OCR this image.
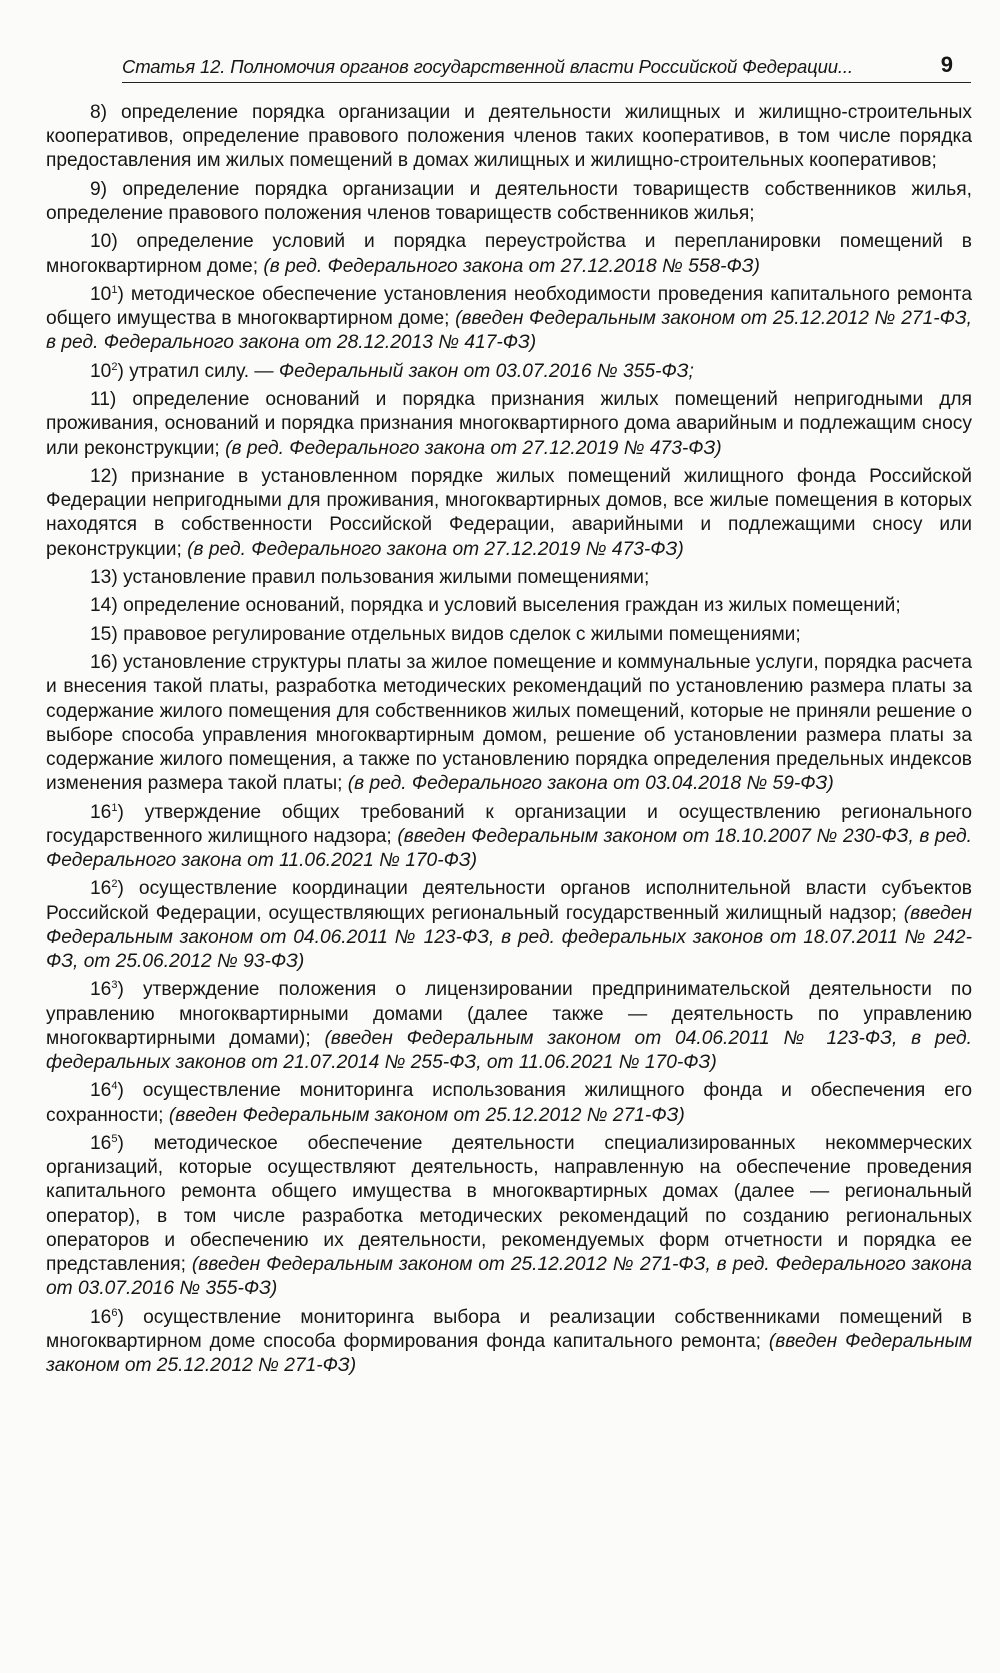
Статья 12. Полномочия органов государственной власти Российской Федерации...	9

8) определение порядка организации и деятельности жилищных и жилищно-строительных кооперативов, определение правового положения членов таких кооперативов, в том числе порядка предоставления им жилых помещений в домах жилищных и жилищно-строительных кооперативов;

9) определение порядка организации и деятельности товариществ собственников жилья, определение правового положения членов товариществ собственников жилья;

10) определение условий и порядка переустройства и перепланировки помещений в многоквартирном доме; (в ред. Федерального закона от 27.12.2018 № 558-ФЗ)

$10^1$) методическое обеспечение установления необходимости проведения капитального ремонта общего имущества в многоквартирном доме; (введен Федеральным законом от 25.12.2012 № 271-ФЗ, в ред. Федерального закона от 28.12.2013 № 417-ФЗ)

$10^2$) утратил силу. — Федеральный закон от 03.07.2016 № 355-ФЗ;

11) определение оснований и порядка признания жилых помещений непригодными для проживания, оснований и порядка признания многоквартирного дома аварийным и подлежащим сносу или реконструкции; (в ред. Федерального закона от 27.12.2019 № 473-ФЗ)

12) признание в установленном порядке жилых помещений жилищного фонда Российской Федерации непригодными для проживания, многоквартирных домов, все жилые помещения в которых находятся в собственности Российской Федерации, аварийными и подлежащими сносу или реконструкции; (в ред. Федерального закона от 27.12.2019 № 473-ФЗ)

13) установление правил пользования жилыми помещениями;

14) определение оснований, порядка и условий выселения граждан из жилых помещений;

15) правовое регулирование отдельных видов сделок с жилыми помещениями;

16) установление структуры платы за жилое помещение и коммунальные услуги, порядка расчета и внесения такой платы, разработка методических рекомендаций по установлению размера платы за содержание жилого помещения для собственников жилых помещений, которые не приняли решение о выборе способа управления многоквартирным домом, решение об установлении размера платы за содержание жилого помещения, а также по установлению порядка определения предельных индексов изменения размера такой платы; (в ред. Федерального закона от 03.04.2018 № 59-ФЗ)

$16^1$) утверждение общих требований к организации и осуществлению регионального государственного жилищного надзора; (введен Федеральным законом от 18.10.2007 № 230-ФЗ, в ред. Федерального закона от 11.06.2021 № 170-ФЗ)

$16^2$) осуществление координации деятельности органов исполнительной власти субъектов Российской Федерации, осуществляющих региональный государственный жилищный надзор; (введен Федеральным законом от 04.06.2011 № 123-ФЗ, в ред. федеральных законов от 18.07.2011 № 242-ФЗ, от 25.06.2012 № 93-ФЗ)

$16^3$) утверждение положения о лицензировании предпринимательской деятельности по управлению многоквартирными домами (далее также — деятельность по управлению многоквартирными домами); (введен Федеральным законом от 04.06.2011 № 123-ФЗ, в ред. федеральных законов от 21.07.2014 № 255-ФЗ, от 11.06.2021 № 170-ФЗ)

$16^4$) осуществление мониторинга использования жилищного фонда и обеспечения его сохранности; (введен Федеральным законом от 25.12.2012 № 271-ФЗ)

$16^5$) методическое обеспечение деятельности специализированных некоммерческих организаций, которые осуществляют деятельность, направленную на обеспечение проведения капитального ремонта общего имущества в многоквартирных домах (далее — региональный оператор), в том числе разработка методических рекомендаций по созданию региональных операторов и обеспечению их деятельности, рекомендуемых форм отчетности и порядка ее представления; (введен Федеральным законом от 25.12.2012 № 271-ФЗ, в ред. Федерального закона от 03.07.2016 № 355-ФЗ)

$16^6$) осуществление мониторинга выбора и реализации собственниками помещений в многоквартирном доме способа формирования фонда капитального ремонта; (введен Федеральным законом от 25.12.2012 № 271-ФЗ)
